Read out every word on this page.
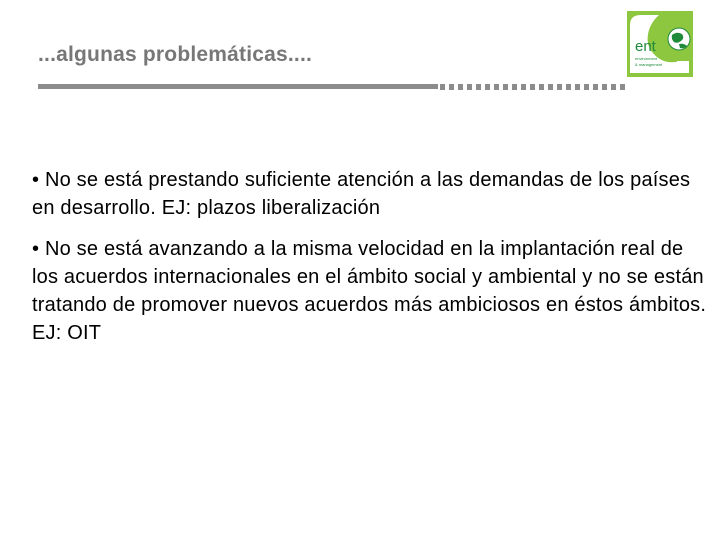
...algunas problemáticas....	ent
environment
& management

• No se está prestando suficiente atención a las demandas de los países en desarrollo. EJ: plazos liberalización

• No se está avanzando a la misma velocidad en la implantación real de los acuerdos internacionales en el ámbito social y ambiental y no se están tratando de promover nuevos acuerdos más ambiciosos en éstos ámbitos. EJ: OIT
